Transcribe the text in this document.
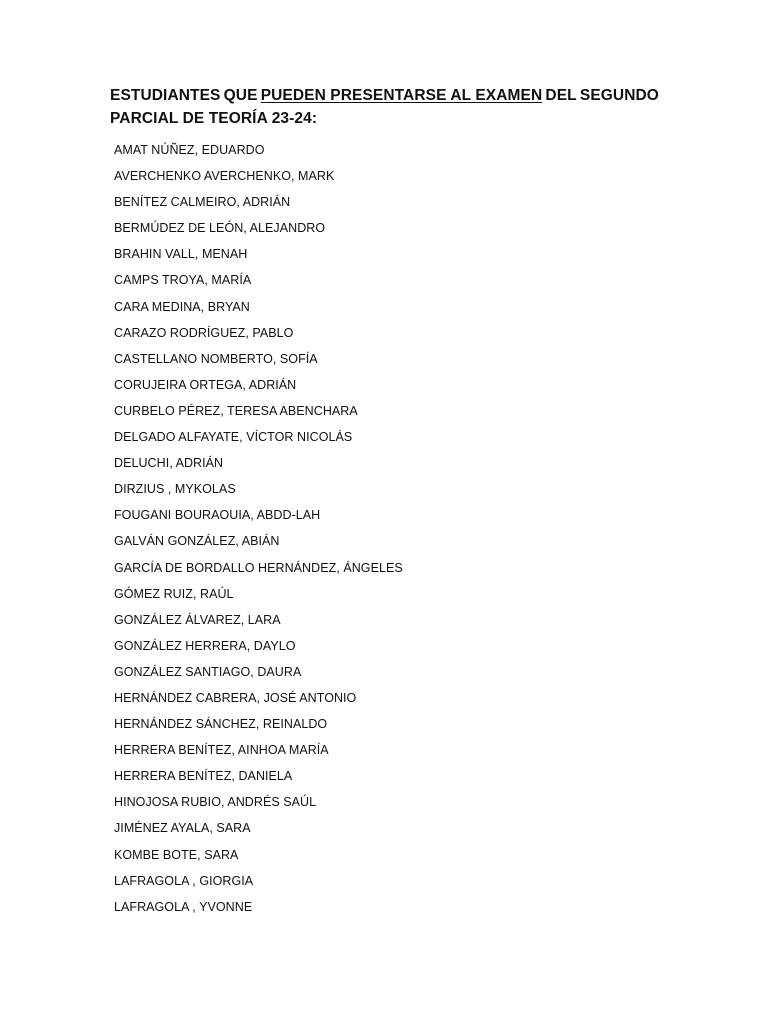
ESTUDIANTES QUE PUEDEN PRESENTARSE AL EXAMEN DEL SEGUNDO
PARCIAL DE TEORÍA 23-24:
AMAT NÚÑEZ, EDUARDO
AVERCHENKO AVERCHENKO, MARK
BENÍTEZ CALMEIRO, ADRIÁN
BERMÚDEZ DE LEÓN, ALEJANDRO
BRAHIN VALL, MENAH
CAMPS TROYA, MARÍA
CARA MEDINA, BRYAN
CARAZO RODRÍGUEZ, PABLO
CASTELLANO NOMBERTO, SOFÍA
CORUJEIRA ORTEGA, ADRIÁN
CURBELO PÉREZ, TERESA ABENCHARA
DELGADO ALFAYATE, VÍCTOR NICOLÁS
DELUCHI, ADRIÁN
DIRZIUS , MYKOLAS
FOUGANI BOURAOUIA, ABDD-LAH
GALVÁN GONZÁLEZ, ABIÁN
GARCÍA DE BORDALLO HERNÁNDEZ, ÁNGELES
GÓMEZ RUIZ, RAÚL
GONZÁLEZ ÁLVAREZ, LARA
GONZÁLEZ HERRERA, DAYLO
GONZÁLEZ SANTIAGO, DAURA
HERNÁNDEZ CABRERA, JOSÉ ANTONIO
HERNÁNDEZ SÁNCHEZ, REINALDO
HERRERA BENÍTEZ, AINHOA MARÍA
HERRERA BENÍTEZ, DANIELA
HINOJOSA RUBIO, ANDRÉS SAÚL
JIMÉNEZ AYALA, SARA
KOMBE BOTE, SARA
LAFRAGOLA , GIORGIA
LAFRAGOLA , YVONNE
